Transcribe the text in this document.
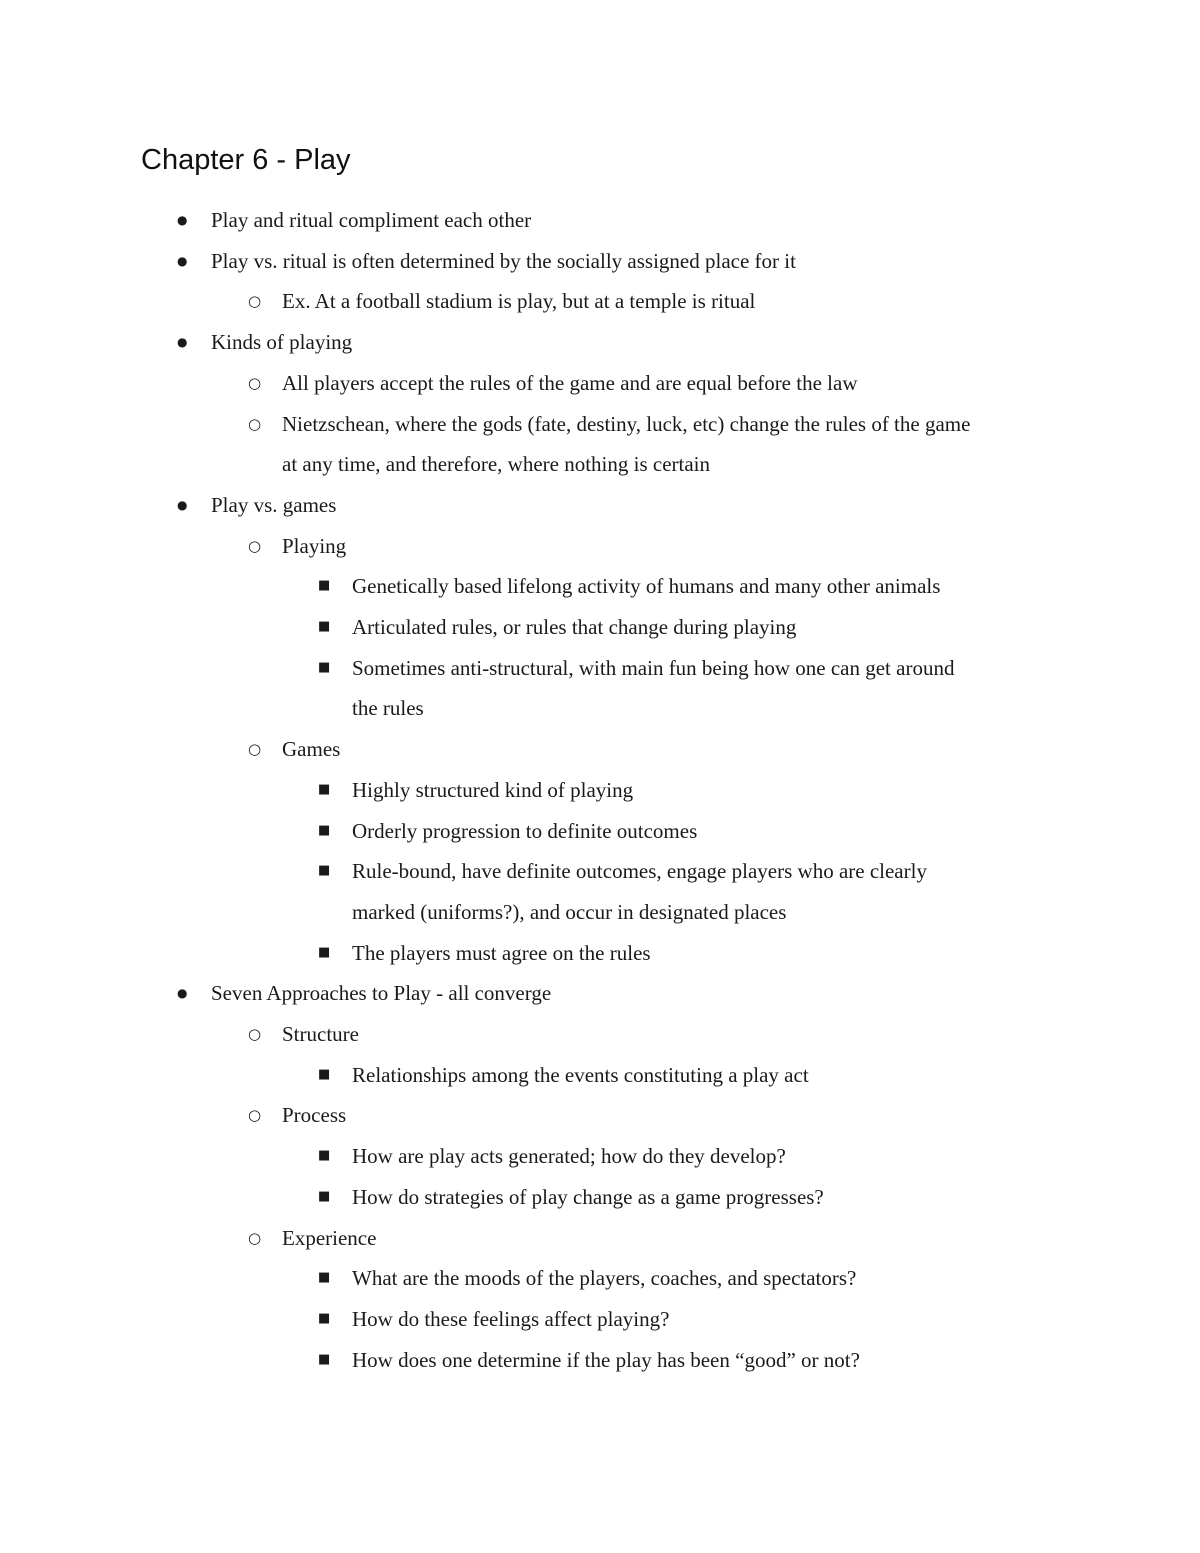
Chapter 6 - Play
● Play and ritual compliment each other
● Play vs. ritual is often determined by the socially assigned place for it
○ Ex. At a football stadium is play, but at a temple is ritual
● Kinds of playing
○ All players accept the rules of the game and are equal before the law
○ Nietzschean, where the gods (fate, destiny, luck, etc) change the rules of the game
at any time, and therefore, where nothing is certain
● Play vs. games
○ Playing
■ Genetically based lifelong activity of humans and many other animals
■ Articulated rules, or rules that change during playing
■ Sometimes anti-structural, with main fun being how one can get around
the rules
○ Games
■ Highly structured kind of playing
■ Orderly progression to definite outcomes
■ Rule-bound, have definite outcomes, engage players who are clearly
marked (uniforms?), and occur in designated places
■ The players must agree on the rules
● Seven Approaches to Play - all converge
○ Structure
■ Relationships among the events constituting a play act
○ Process
■ How are play acts generated; how do they develop?
■ How do strategies of play change as a game progresses?
○ Experience
■ What are the moods of the players, coaches, and spectators?
■ How do these feelings affect playing?
■ How does one determine if the play has been “good” or not?
